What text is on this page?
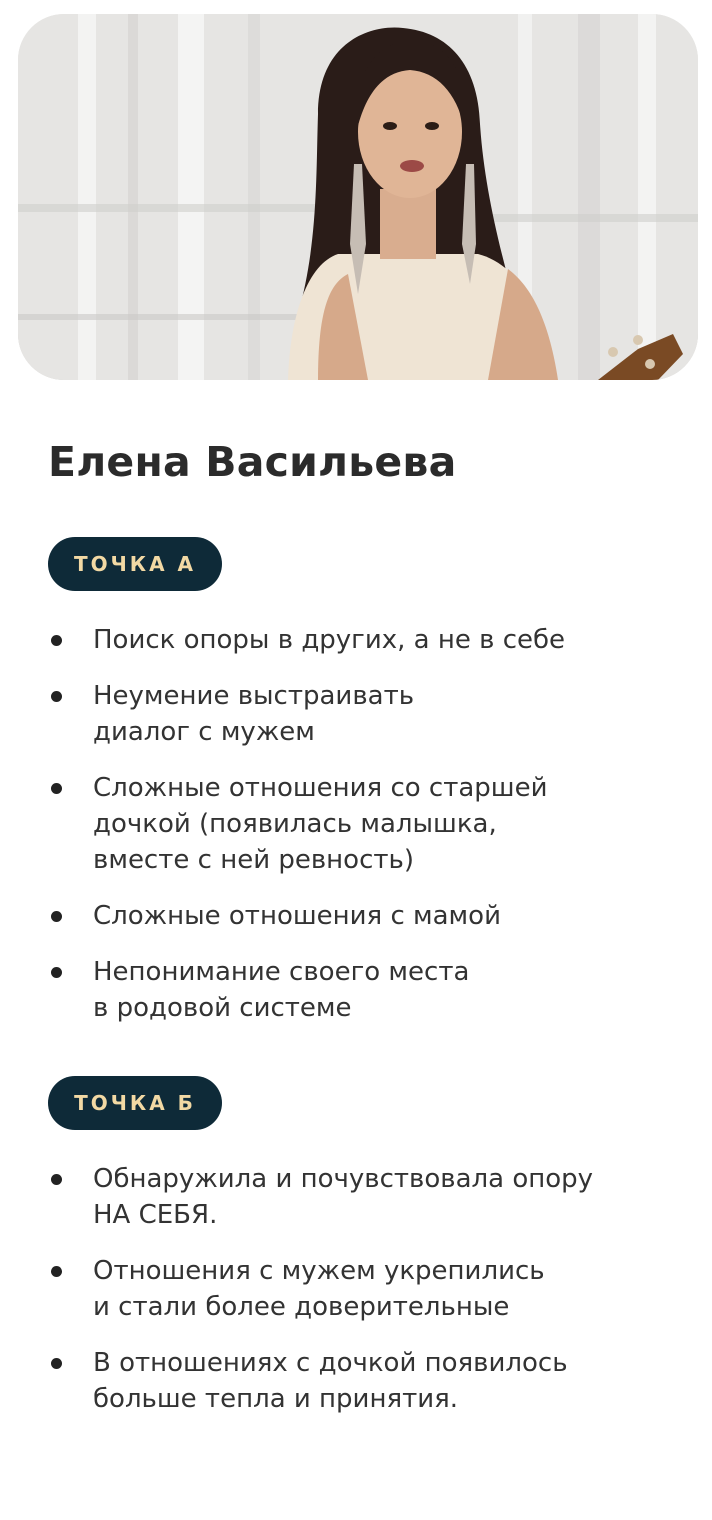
Елена Васильева
ТОЧКА А
Поиск опоры в других, а не в себе
Неумение выстраивать
диалог с мужем
Сложные отношения со старшей
дочкой (появилась малышка,
вместе с ней ревность)
Сложные отношения с мамой
Непонимание своего места
в родовой системе
ТОЧКА Б
Обнаружила и почувствовала опору
НА СЕБЯ.
Отношения с мужем укрепились
и стали более доверительные
В отношениях с дочкой появилось
больше тепла и принятия.
